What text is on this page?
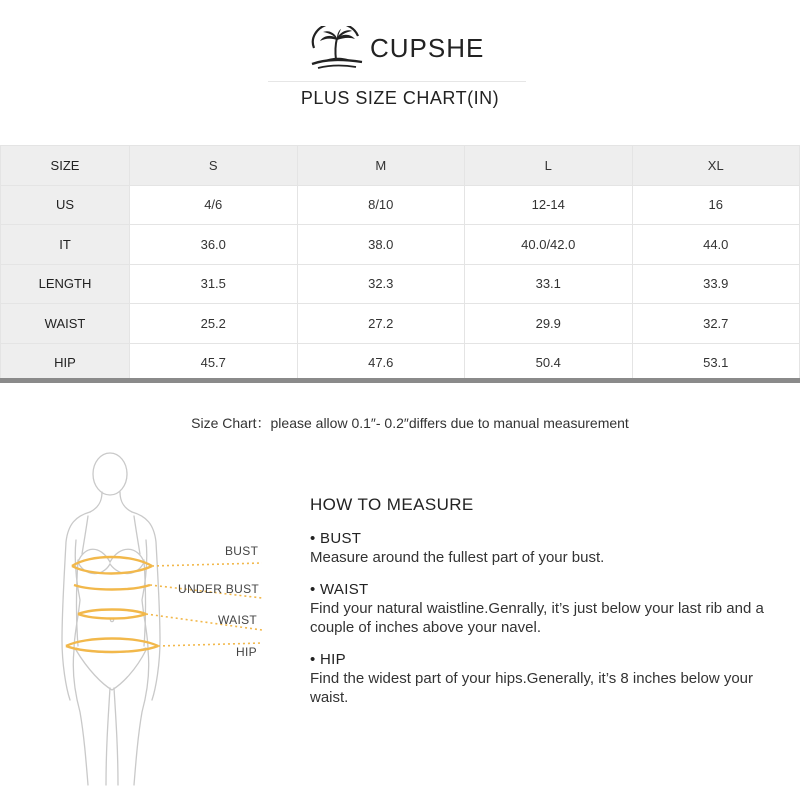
CUPSHE
PLUS SIZE CHART(IN)
SIZE	S	M	L	XL
US	4/6	8/10	12-14	16
IT	36.0	38.0	40.0/42.0	44.0
LENGTH	31.5	32.3	33.1	33.9
WAIST	25.2	27.2	29.9	32.7
HIP	45.7	47.6	50.4	53.1
Size Chart：please allow 0.1″- 0.2″differs due to manual measurement
BUST
UNDER BUST
WAIST
HIP
HOW TO MEASURE
• BUST
Measure around the fullest part of your bust.
• WAIST
Find your natural waistline.Genrally, it’s just below your last rib and a couple of inches above your navel.
• HIP
Find the widest part of your hips.Generally, it’s 8 inches below your waist.
